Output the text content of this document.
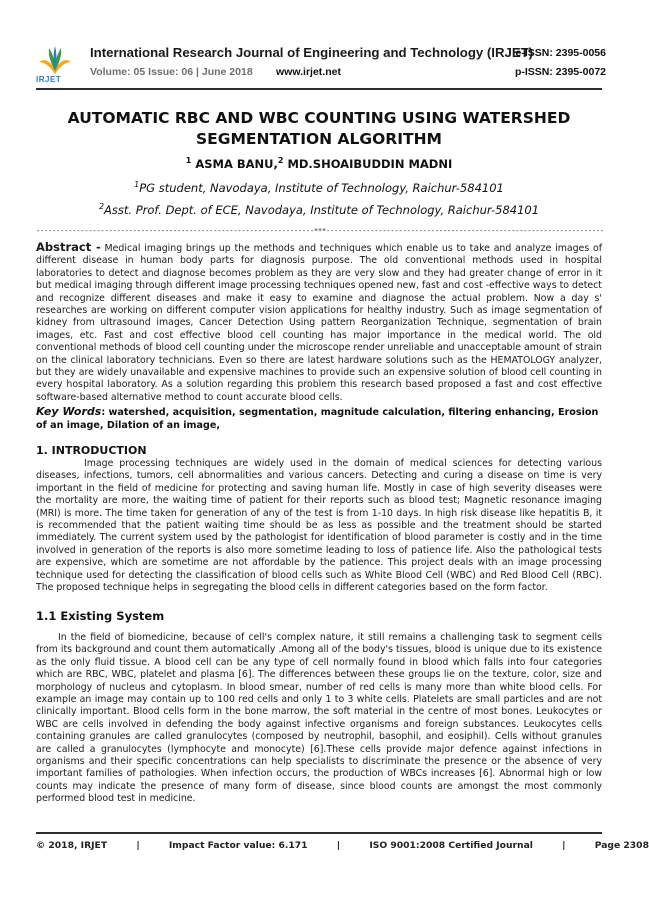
IRJET
International Research Journal of Engineering and Technology (IRJET)
e-ISSN: 2395-0056
Volume: 05 Issue: 06 | June 2018 www.irjet.net	p-ISSN: 2395-0072
AUTOMATIC RBC AND WBC COUNTING USING WATERSHED
SEGMENTATION ALGORITHM
$^1$ ASMA BANU,$^2$ MD.SHOAIBUDDIN MADNI
$^1$PG student, Navodaya, Institute of Technology, Raichur-584101
$^2$Asst. Prof. Dept. of ECE, Navodaya, Institute of Technology, Raichur-584101
---------------------------------------------------------------------***---------------------------------------------------------------------
Abstract - Medical imaging brings up the methods and techniques which enable us to take and analyze images of different disease in human body parts for diagnosis purpose. The old conventional methods used in hospital laboratories to detect and diagnose becomes problem as they are very slow and they had greater change of error in it but medical imaging through different image processing techniques opened new, fast and cost -effective ways to detect and recognize different diseases and make it easy to examine and diagnose the actual problem. Now a day s' researches are working on different computer vision applications for healthy industry. Such as image segmentation of kidney from ultrasound images, Cancer Detection Using pattern Reorganization Technique, segmentation of brain images, etc. Fast and cost effective blood cell counting has major importance in the medical world. The old conventional methods of blood cell counting under the microscope render unreliable and unacceptable amount of strain on the clinical laboratory technicians. Even so there are latest hardware solutions such as the HEMATOLOGY analyzer, but they are widely unavailable and expensive machines to provide such an expensive solution of blood cell counting in every hospital laboratory. As a solution regarding this problem this research based proposed a fast and cost effective software-based alternative method to count accurate blood cells.
Key Words: watershed, acquisition, segmentation, magnitude calculation, filtering enhancing, Erosion of an image, Dilation of an image,
1. INTRODUCTION
Image processing techniques are widely used in the domain of medical sciences for detecting various diseases, infections, tumors, cell abnormalities and various cancers. Detecting and curing a disease on time is very important in the field of medicine for protecting and saving human life. Mostly in case of high severity diseases were the mortality are more, the waiting time of patient for their reports such as blood test; Magnetic resonance imaging (MRI) is more. The time taken for generation of any of the test is from 1-10 days. In high risk disease like hepatitis B, it is recommended that the patient waiting time should be as less as possible and the treatment should be started immediately. The current system used by the pathologist for identification of blood parameter is costly and in the time involved in generation of the reports is also more sometime leading to loss of patience life. Also the pathological tests are expensive, which are sometime are not affordable by the patience. This project deals with an image processing technique used for detecting the classification of blood cells such as White Blood Cell (WBC) and Red Blood Cell (RBC). The proposed technique helps in segregating the blood cells in different categories based on the form factor.
1.1 Existing System
In the field of biomedicine, because of cell's complex nature, it still remains a challenging task to segment cells from its background and count them automatically .Among all of the body's tissues, blood is unique due to its existence as the only fluid tissue. A blood cell can be any type of cell normally found in blood which falls into four categories which are RBC, WBC, platelet and plasma [6]. The differences between these groups lie on the texture, color, size and morphology of nucleus and cytoplasm. In blood smear, number of red cells is many more than white blood cells. For example an image may contain up to 100 red cells and only 1 to 3 white cells. Platelets are small particles and are not clinically important. Blood cells form in the bone marrow, the soft material in the centre of most bones. Leukocytes or WBC are cells involved in defending the body against infective organisms and foreign substances. Leukocytes cells containing granules are called granulocytes (composed by neutrophil, basophil, and eosiphil). Cells without granules are called a granulocytes (lymphocyte and monocyte) [6].These cells provide major defence against infections in organisms and their specific concentrations can help specialists to discriminate the presence or the absence of very important families of pathologies. When infection occurs, the production of WBCs increases [6]. Abnormal high or low counts may indicate the presence of many form of disease, since blood counts are amongst the most commonly performed blood test in medicine.
© 2018, IRJET	|	Impact Factor value: 6.171	|	ISO 9001:2008 Certified Journal	|	Page 2308
